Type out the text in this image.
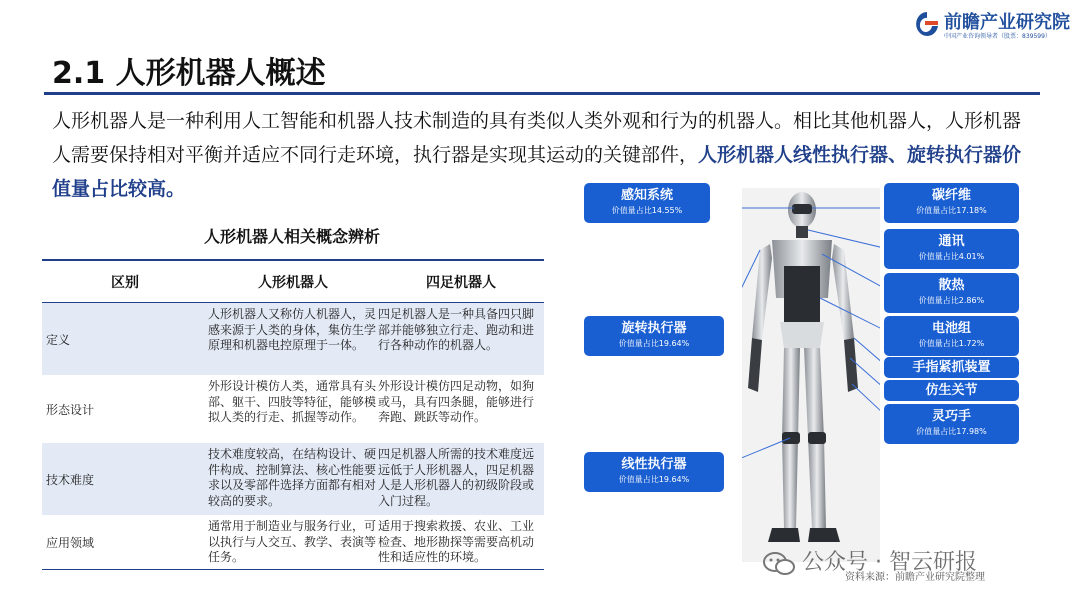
前瞻产业研究院
中国产业咨询领导者（股票：839599）
2.1 人形机器人概述
人形机器人是一种利用人工智能和机器人技术制造的具有类似人类外观和行为的机器人。相比其他机器人，人形机器人需要保持相对平衡并适应不同行走环境，执行器是实现其运动的关键部件，人形机器人线性执行器、旋转执行器价值量占比较高。
人形机器人相关概念辨析
区别	人形机器人	四足机器人
定义
人形机器人又称仿人机器人，灵感来源于人类的身体，集仿生学原理和机器电控原理于一体。
四足机器人是一种具备四只脚部并能够独立行走、跑动和进行各种动作的机器人。
形态设计
外形设计模仿人类，通常具有头部、躯干、四肢等特征，能够模拟人类的行走、抓握等动作。
外形设计模仿四足动物，如狗或马，具有四条腿，能够进行奔跑、跳跃等动作。
技术难度
技术难度较高，在结构设计、硬件构成、控制算法、核心性能要求以及零部件选择方面都有相对较高的要求。
四足机器人所需的技术难度远远低于人形机器人，四足机器人是人形机器人的初级阶段或入门过程。
应用领域
通常用于制造业与服务行业，可以执行与人交互、教学、表演等任务。
适用于搜索救援、农业、工业检查、地形勘探等需要高机动性和适应性的环境。
感知系统
价值量占比14.55%
旋转执行器
价值量占比19.64%
线性执行器
价值量占比19.64%
碳纤维
价值量占比17.18%
通讯
价值量占比4.01%
散热
价值量占比2.86%
电池组
价值量占比1.72%
手指紧抓装置
仿生关节
灵巧手
价值量占比17.98%
公众号 · 智云研报
资料来源：前瞻产业研究院整理
